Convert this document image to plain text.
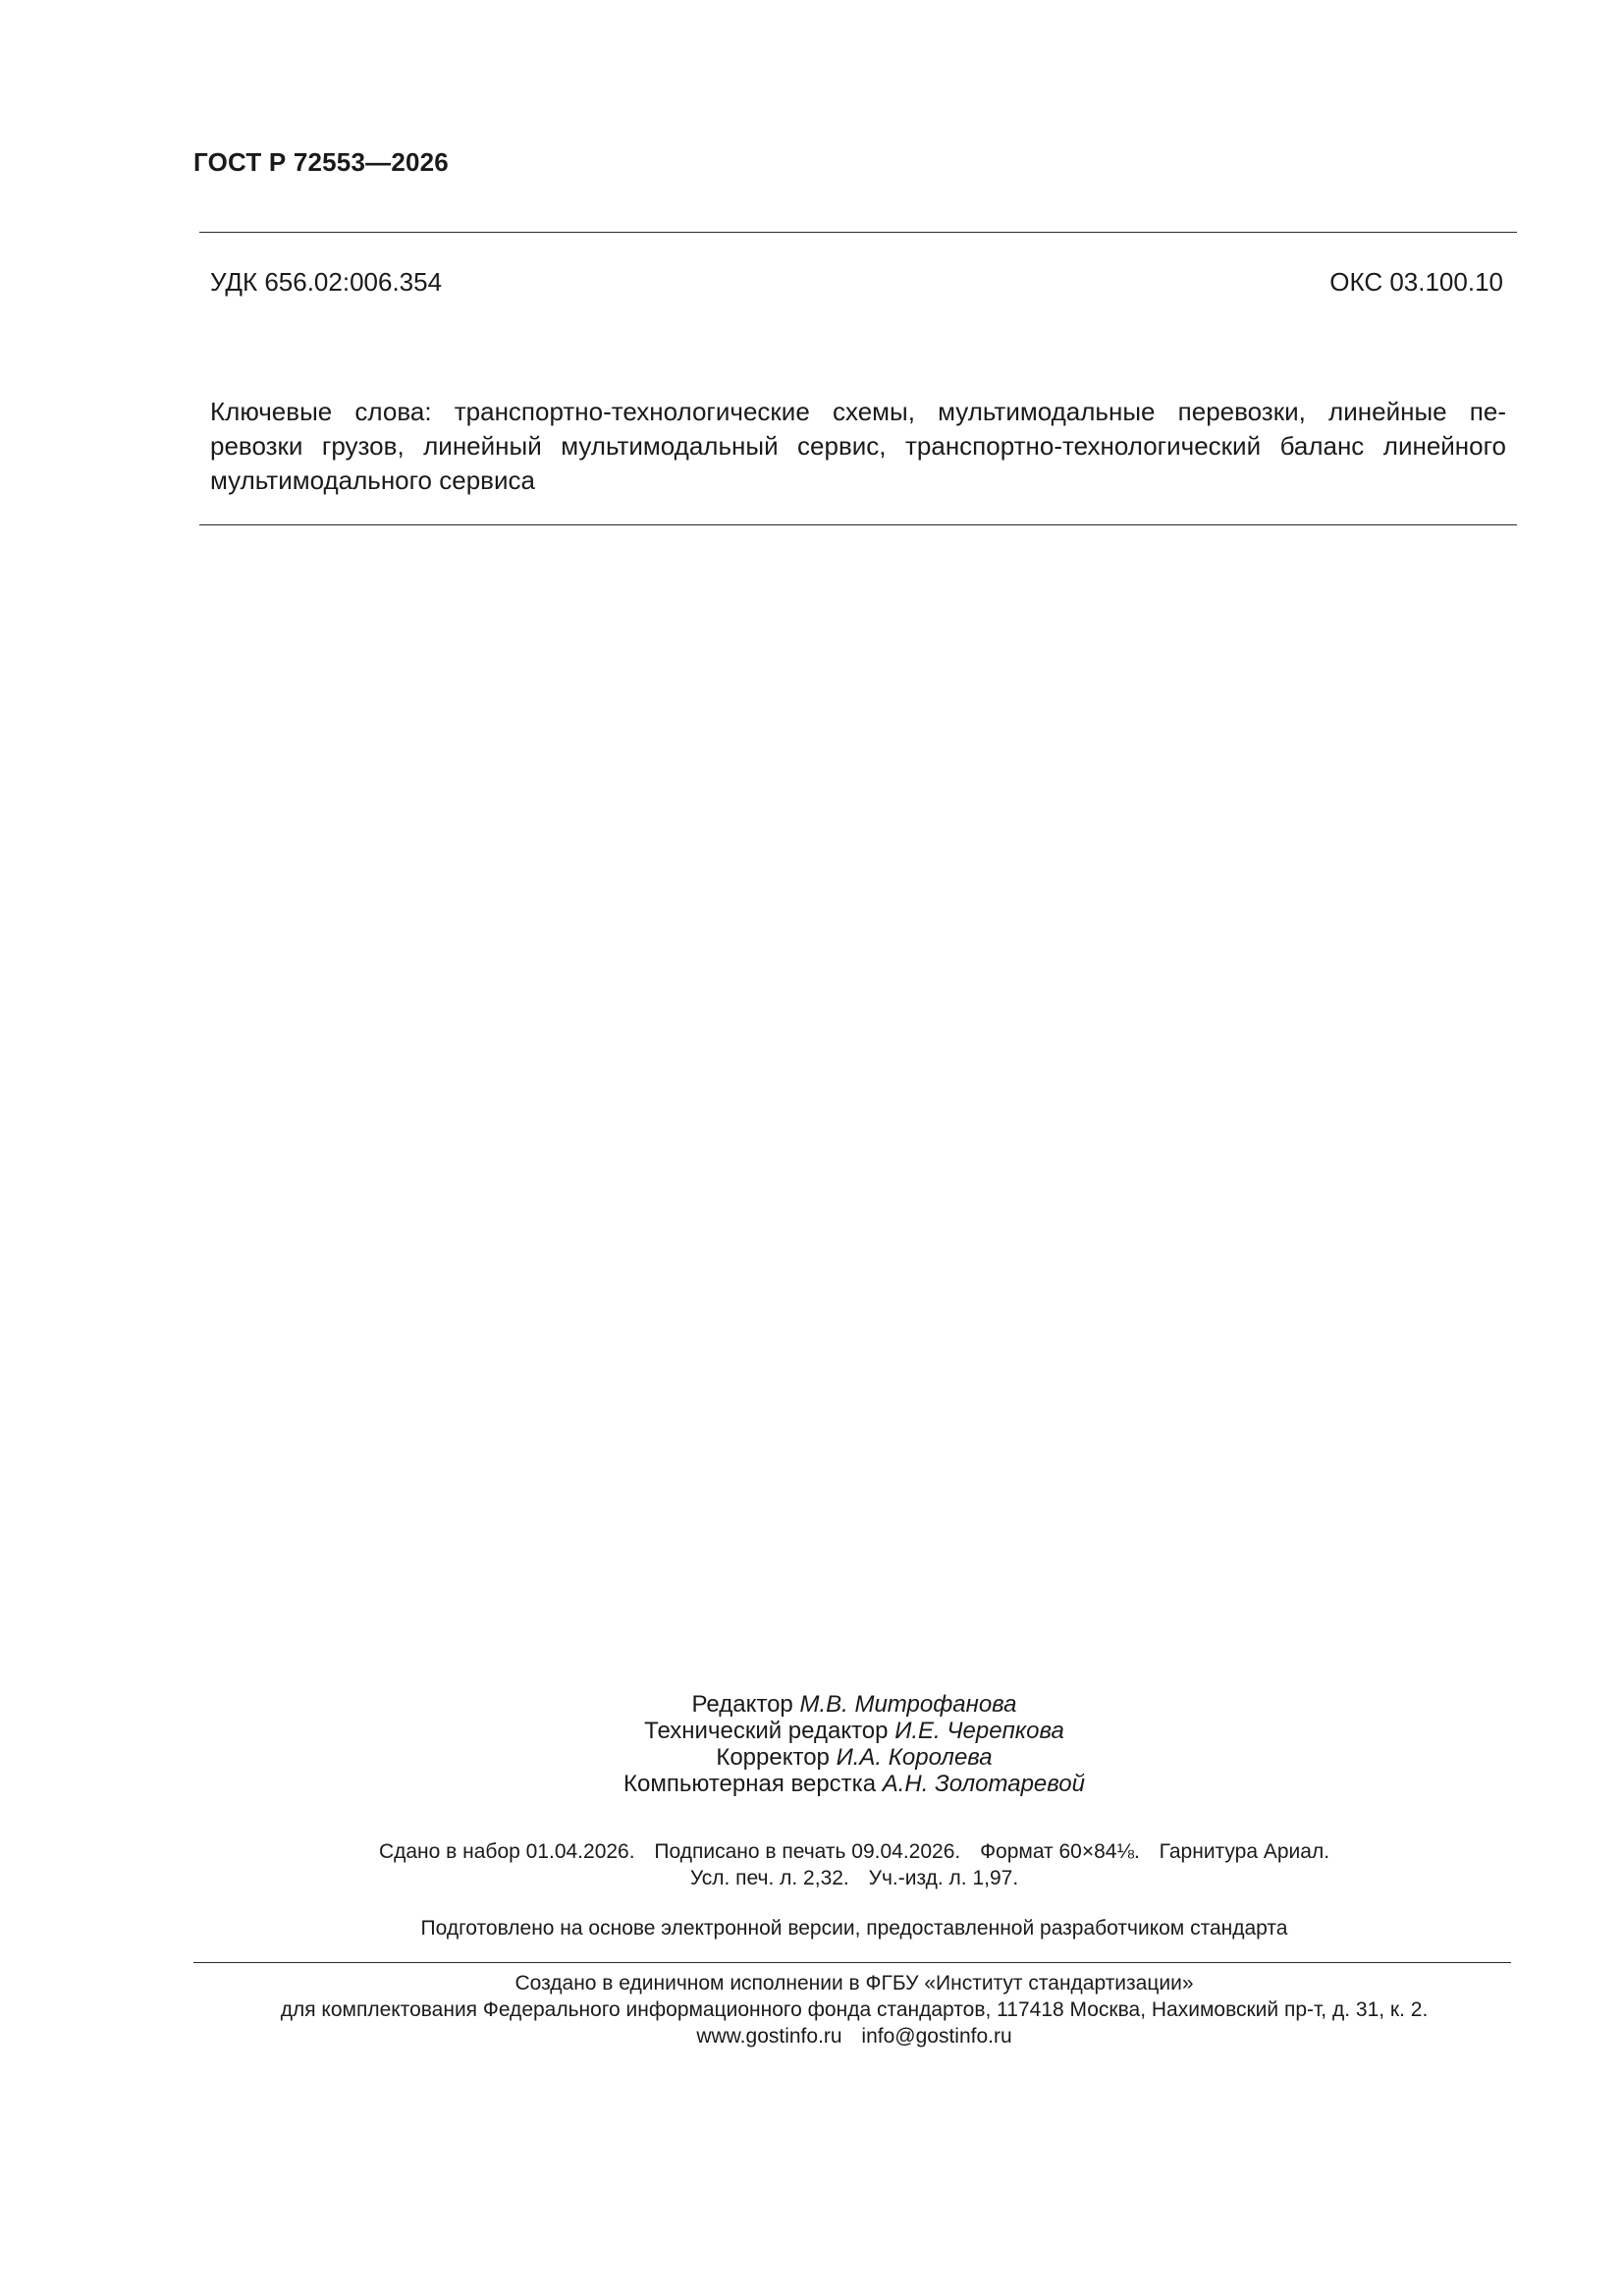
ГОСТ Р 72553—2026
УДК 656.02:006.354	ОКС 03.100.10
Ключевые слова: транспортно-технологические схемы, мультимодальные перевозки, линейные пе-
ревозки грузов, линейный мультимодальный сервис, транспортно-технологический баланс линейного
мультимодального сервиса
Редактор М.В. Митрофанова
Технический редактор И.Е. Черепкова
Корректор И.А. Королева
Компьютерная верстка А.Н. Золотаревой
Сдано в набор 01.04.2026. Подписано в печать 09.04.2026. Формат 60×84⅛. Гарнитура Ариал.
Усл. печ. л. 2,32. Уч.-изд. л. 1,97.
Подготовлено на основе электронной версии, предоставленной разработчиком стандарта
Создано в единичном исполнении в ФГБУ «Институт стандартизации»
для комплектования Федерального информационного фонда стандартов, 117418 Москва, Нахимовский пр-т, д. 31, к. 2.
www.gostinfo.ru info@gostinfo.ru
